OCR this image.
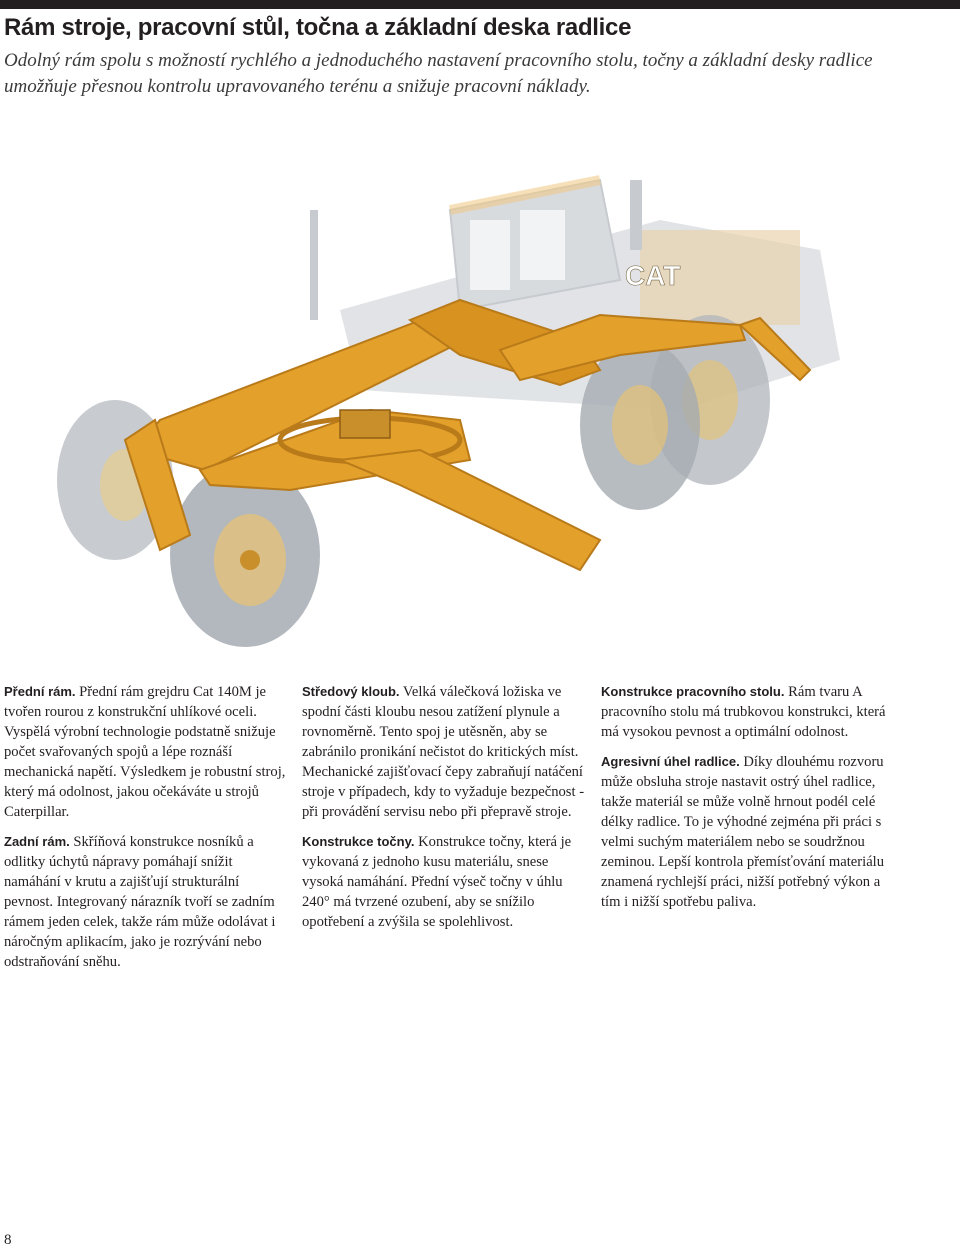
Rám stroje, pracovní stůl, točna a základní deska radlice

Odolný rám spolu s možností rychlého a jednoduchého nastavení pracovního stolu, točny a základní desky radlice umožňuje přesnou kontrolu upravovaného terénu a snižuje pracovní náklady.

CAT

Přední rám. Přední rám grejdru Cat 140M je tvořen rourou z konstrukční uhlíkové oceli. Vyspělá výrobní technologie podstatně snižuje počet svařovaných spojů a lépe roznáší mechanická napětí. Výsledkem je robustní stroj, který má odolnost, jakou očekáváte u strojů Caterpillar.

Zadní rám. Skříňová konstrukce nosníků a odlitky úchytů nápravy pomáhají snížit namáhání v krutu a zajišťují strukturální pevnost. Integrovaný nárazník tvoří se zadním rámem jeden celek, takže rám může odolávat i náročným aplikacím, jako je rozrývání nebo odstraňování sněhu.

Středový kloub. Velká válečková ložiska ve spodní části kloubu nesou zatížení plynule a rovnoměrně. Tento spoj je utěsněn, aby se zabránilo pronikání nečistot do kritických míst. Mechanické zajišťovací čepy zabraňují natáčení stroje v případech, kdy to vyžaduje bezpečnost - při provádění servisu nebo při přepravě stroje.

Konstrukce točny. Konstrukce točny, která je vykovaná z jednoho kusu materiálu, snese vysoká namáhání. Přední výseč točny v úhlu 240° má tvrzené ozubení, aby se snížilo opotřebení a zvýšila se spolehlivost.

Konstrukce pracovního stolu. Rám tvaru A pracovního stolu má trubkovou konstrukci, která má vysokou pevnost a optimální odolnost.

Agresivní úhel radlice. Díky dlouhému rozvoru může obsluha stroje nastavit ostrý úhel radlice, takže materiál se může volně hrnout podél celé délky radlice. To je výhodné zejména při práci s velmi suchým materiálem nebo se soudržnou zeminou. Lepší kontrola přemísťování materiálu znamená rychlejší práci, nižší potřebný výkon a tím i nižší spotřebu paliva.

8
